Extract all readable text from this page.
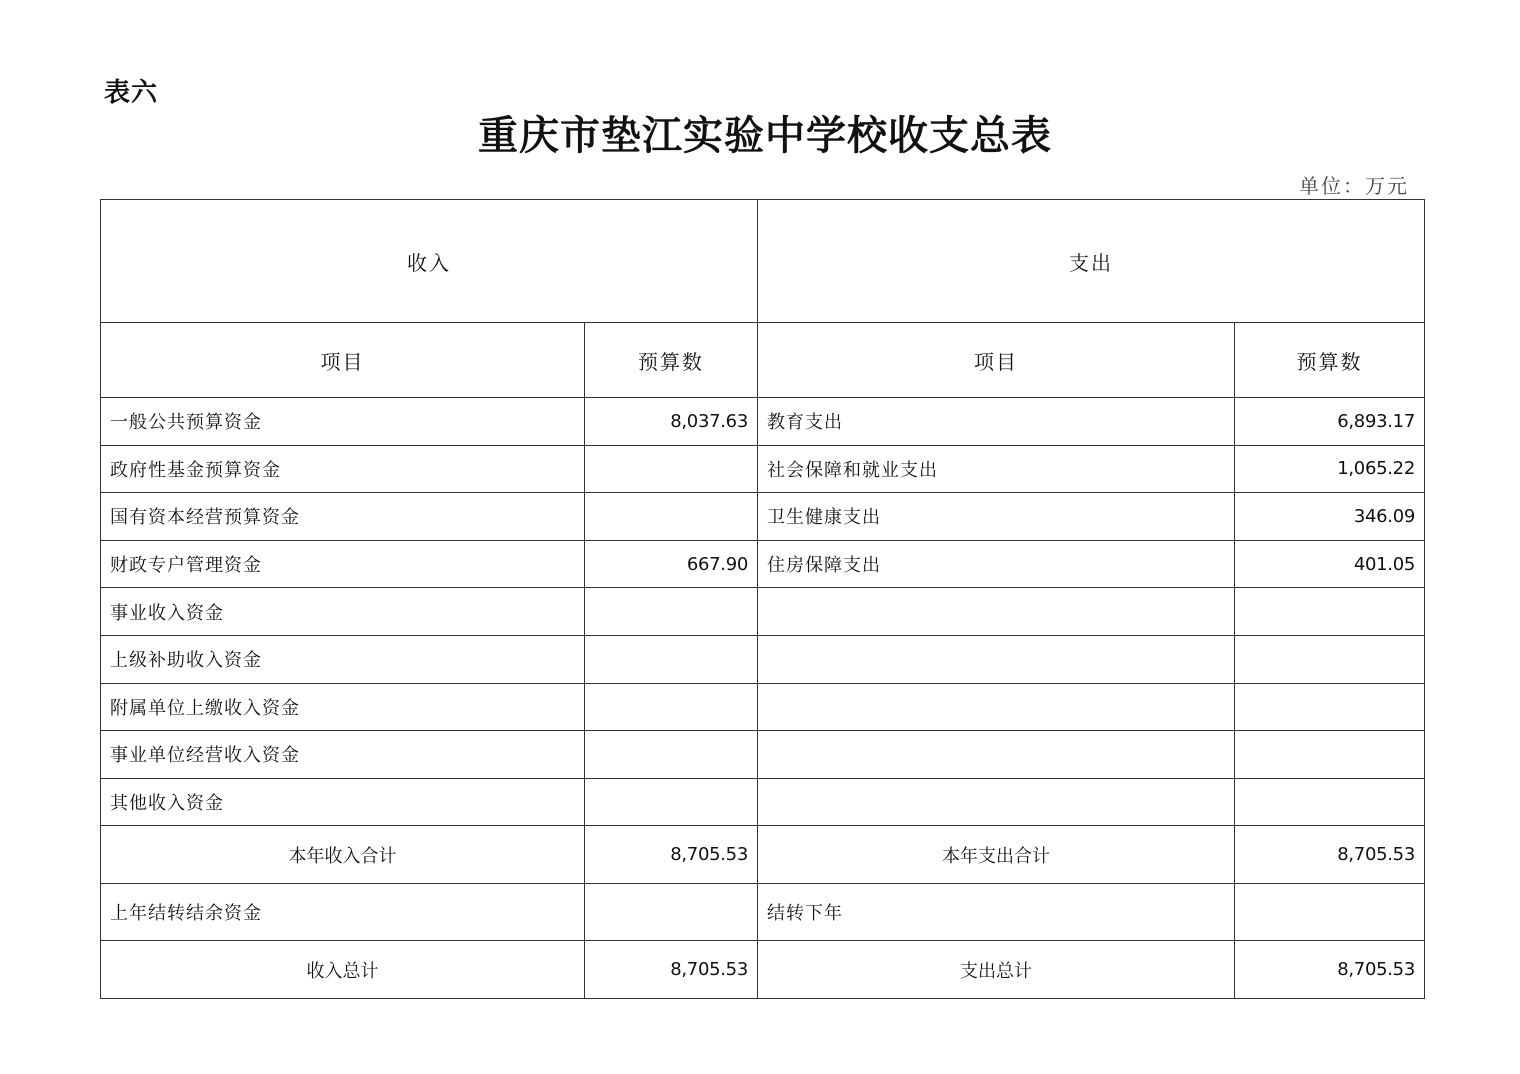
表六
重庆市垫江实验中学校收支总表
单位：万元
收入		支出	
项目	预算数	项目	预算数
一般公共预算资金	8,037.63	教育支出	6,893.17
政府性基金预算资金		社会保障和就业支出	1,065.22
国有资本经营预算资金		卫生健康支出	346.09
财政专户管理资金	667.90	住房保障支出	401.05
事业收入资金			
上级补助收入资金			
附属单位上缴收入资金			
事业单位经营收入资金			
其他收入资金			
本年收入合计	8,705.53	本年支出合计	8,705.53
上年结转结余资金		结转下年	
收入总计	8,705.53	支出总计	8,705.53
